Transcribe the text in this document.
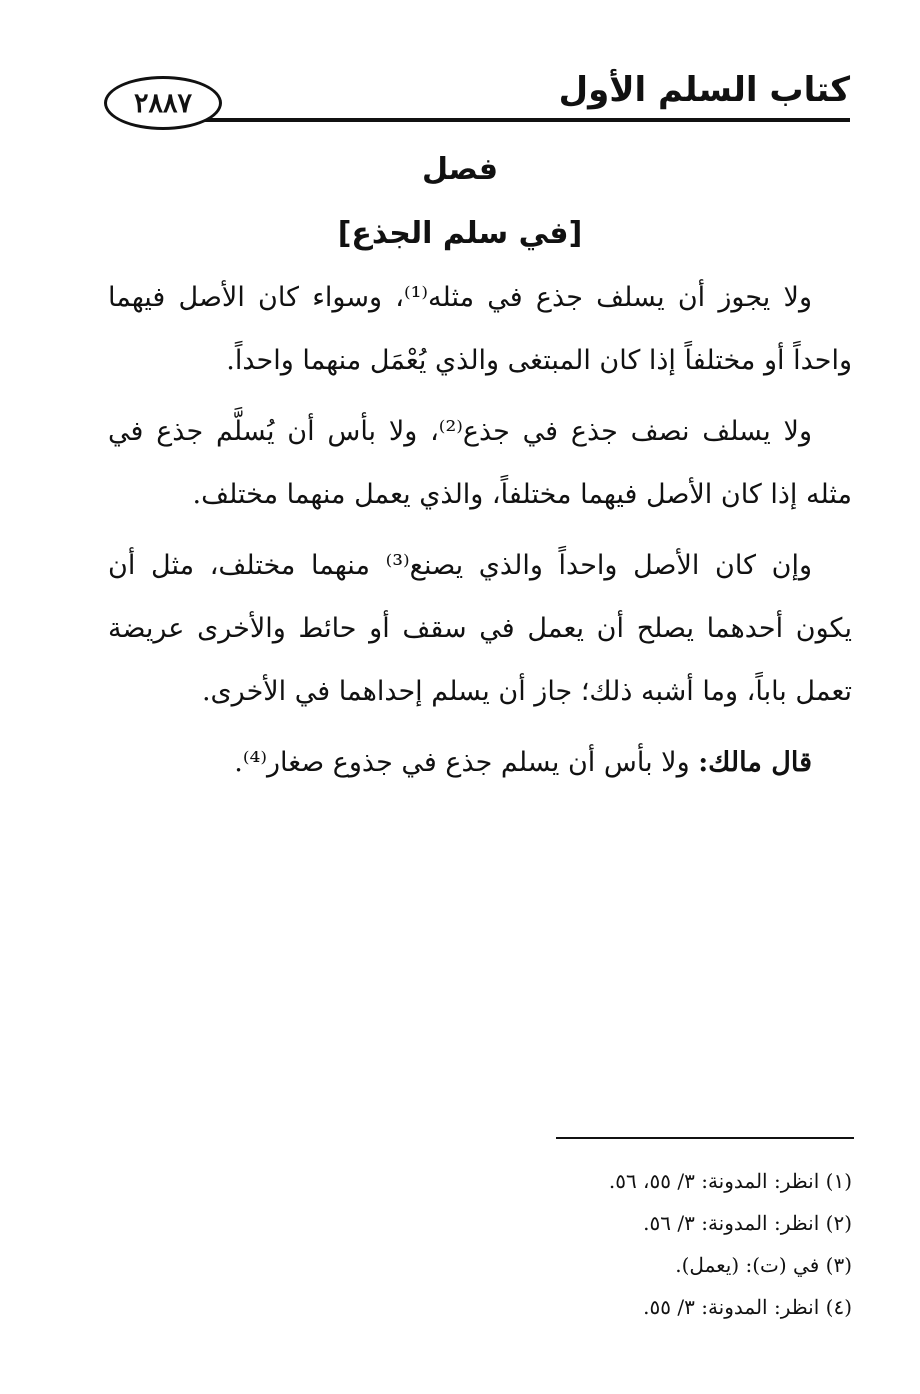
كتاب السلم الأول
٢٨٨٧
فصل
[في سلم الجذع]

ولا يجوز أن يسلف جذع في مثله⁽¹⁾، وسواء كان الأصل فيهما واحداً أو مختلفاً إذا كان المبتغى والذي يُعْمَل منهما واحداً.

ولا يسلف نصف جذع في جذع⁽²⁾، ولا بأس أن يُسلَّم جذع في مثله إذا كان الأصل فيهما مختلفاً، والذي يعمل منهما مختلف.

وإن كان الأصل واحداً والذي يصنع⁽³⁾ منهما مختلف، مثل أن يكون أحدهما يصلح أن يعمل في سقف أو حائط والأخرى عريضة تعمل باباً، وما أشبه ذلك؛ جاز أن يسلم إحداهما في الأخرى.

قال مالك: ولا بأس أن يسلم جذع في جذوع صغار⁽⁴⁾.

(١) انظر: المدونة: ٣/ ٥٥، ٥٦.
(٢) انظر: المدونة: ٣/ ٥٦.
(٣) في (ت): (يعمل).
(٤) انظر: المدونة: ٣/ ٥٥.
